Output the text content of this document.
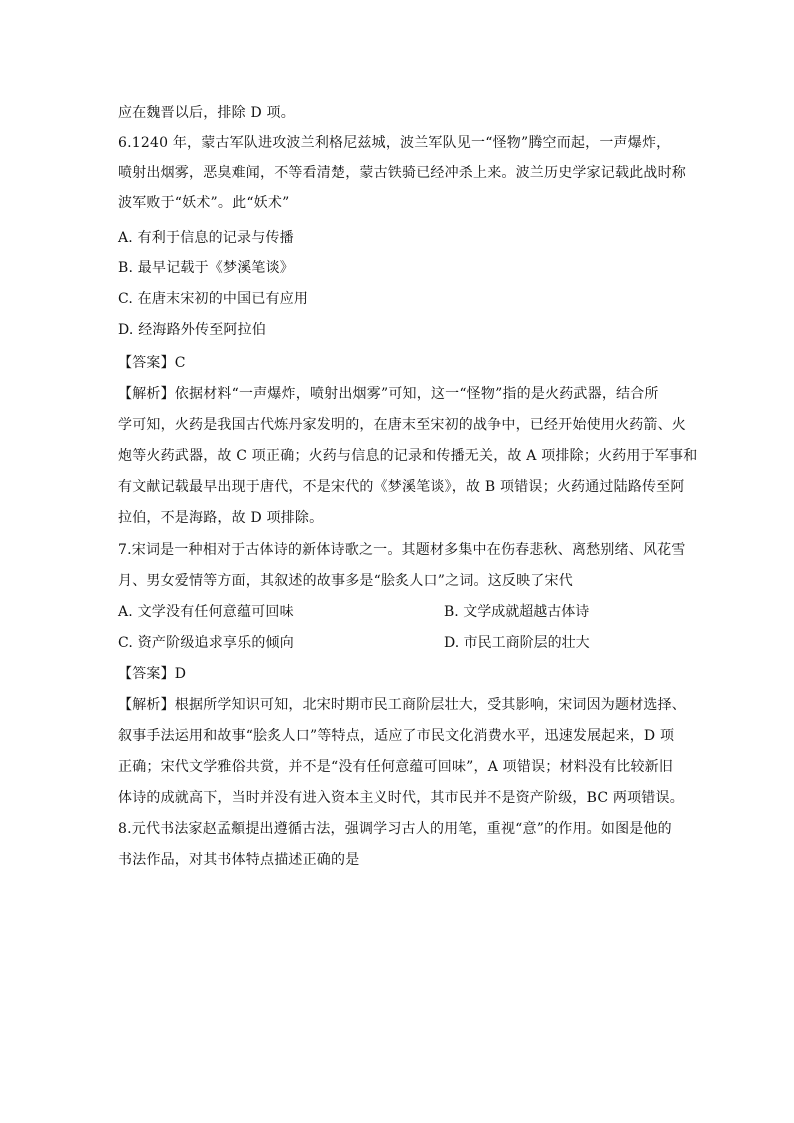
应在魏晋以后，排除 D 项。
6.1240 年，蒙古军队进攻波兰利格尼兹城，波兰军队见一“怪物”腾空而起，一声爆炸，
喷射出烟雾，恶臭难闻，不等看清楚，蒙古铁骑已经冲杀上来。波兰历史学家记载此战时称
波军败于“妖术”。此“妖术”
A. 有利于信息的记录与传播
B. 最早记载于《梦溪笔谈》
C. 在唐末宋初的中国已有应用
D. 经海路外传至阿拉伯
【答案】C
【解析】依据材料“一声爆炸，喷射出烟雾”可知，这一“怪物”指的是火药武器，结合所
学可知，火药是我国古代炼丹家发明的，在唐末至宋初的战争中，已经开始使用火药箭、火
炮等火药武器，故 C 项正确；火药与信息的记录和传播无关，故 A 项排除；火药用于军事和
有文献记载最早出现于唐代，不是宋代的《梦溪笔谈》，故 B 项错误；火药通过陆路传至阿
拉伯，不是海路，故 D 项排除。
7.宋词是一种相对于古体诗的新体诗歌之一。其题材多集中在伤春悲秋、离愁别绪、风花雪
月、男女爱情等方面，其叙述的故事多是“脍炙人口”之词。这反映了宋代
A. 文学没有任何意蕴可回味	B. 文学成就超越古体诗
C. 资产阶级追求享乐的倾向	D. 市民工商阶层的壮大
【答案】D
【解析】根据所学知识可知，北宋时期市民工商阶层壮大，受其影响，宋词因为题材选择、
叙事手法运用和故事“脍炙人口”等特点，适应了市民文化消费水平，迅速发展起来，D 项
正确；宋代文学雅俗共赏，并不是“没有任何意蕴可回味”，A 项错误；材料没有比较新旧
体诗的成就高下，当时并没有进入资本主义时代，其市民并不是资产阶级，BC 两项错误。
8.元代书法家赵孟頫提出遵循古法，强调学习古人的用笔，重视“意”的作用。如图是他的
书法作品，对其书体特点描述正确的是
